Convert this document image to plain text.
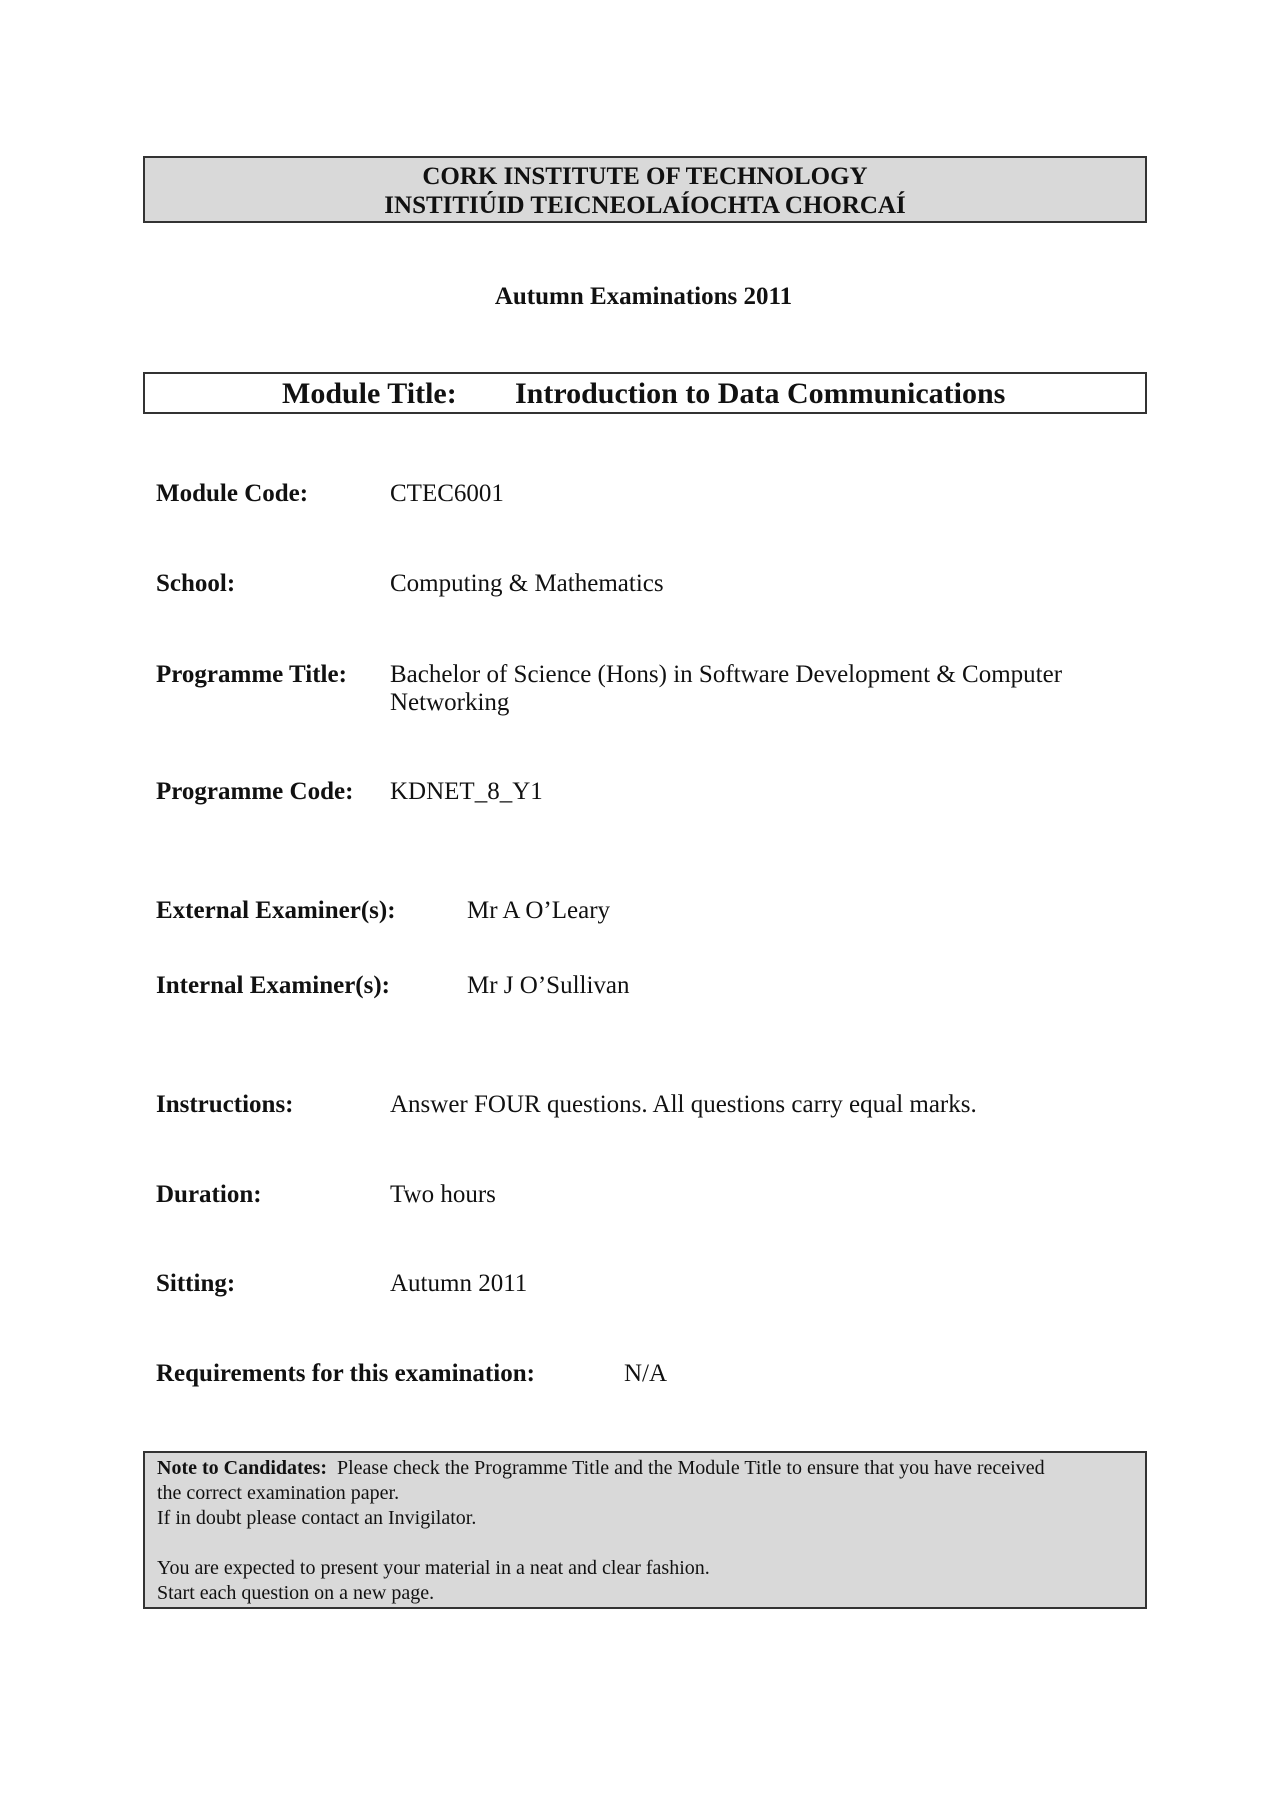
CORK INSTITUTE OF TECHNOLOGY
INSTITIÚID TEICNEOLAÍOCHTA CHORCAÍ
Autumn Examinations 2011
Module Title: Introduction to Data Communications
Module Code:	CTEC6001
School:	Computing & Mathematics
Programme Title: Bachelor of Science (Hons) in Software Development & Computer
Networking
Programme Code: KDNET_8_Y1
External Examiner(s):	Mr A O’Leary
Internal Examiner(s):	Mr J O’Sullivan
Instructions:	Answer FOUR questions. All questions carry equal marks.
Duration:	Two hours
Sitting:	Autumn 2011
Requirements for this examination:	N/A

Note to Candidates: Please check the Programme Title and the Module Title to ensure that you have received

the correct examination paper.

If in doubt please contact an Invigilator.

You are expected to present your material in a neat and clear fashion.

Start each question on a new page.
